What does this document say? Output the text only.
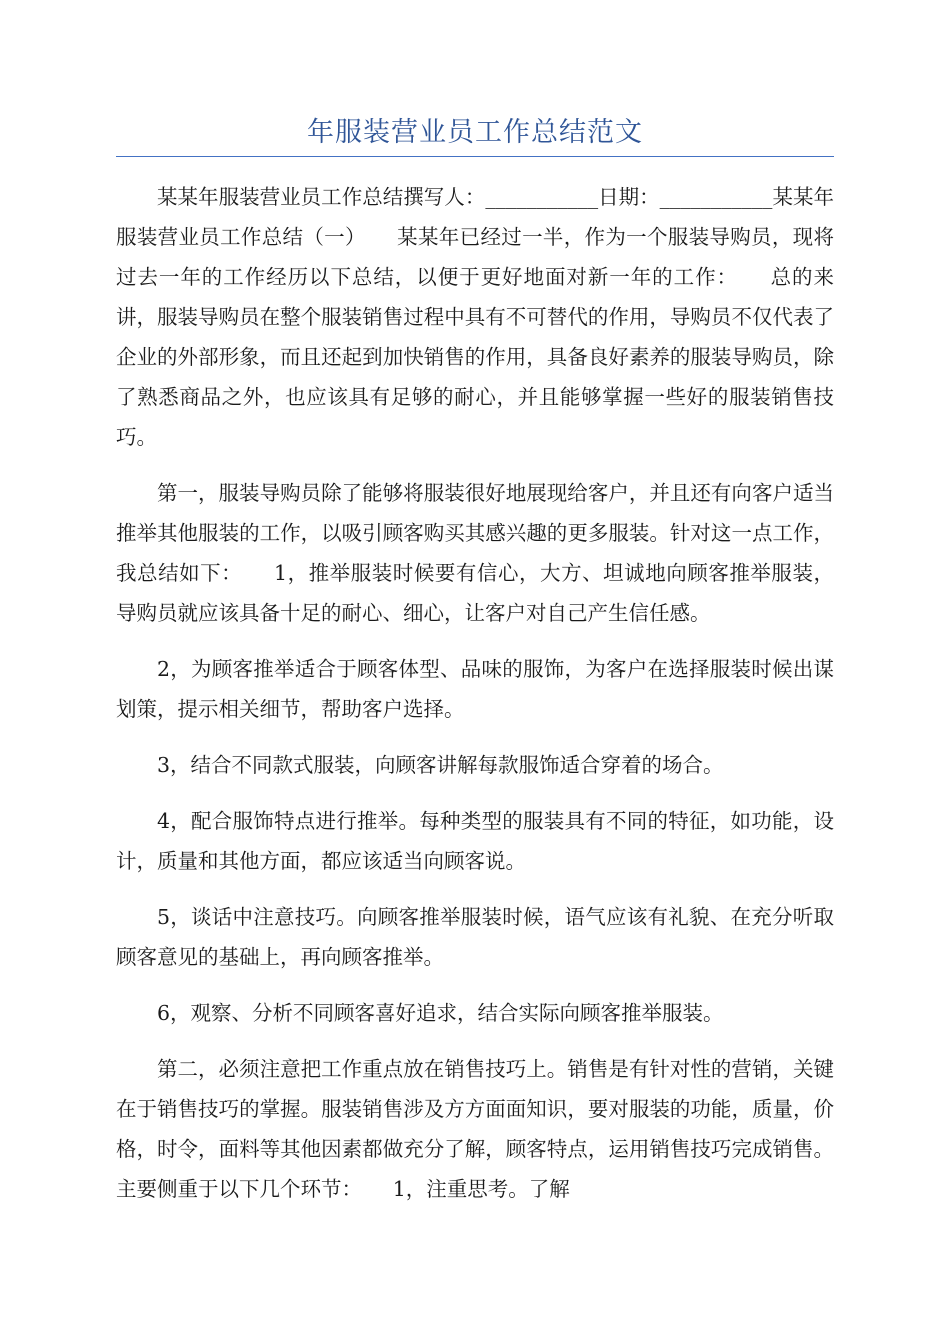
年服装营业员工作总结范文

某某年服装营业员工作总结撰写人：___________日期：___________某某年服装营业员工作总结（一）　　某某年已经过一半，作为一个服装导购员，现将过去一年的工作经历以下总结，以便于更好地面对新一年的工作：　　总的来讲，服装导购员在整个服装销售过程中具有不可替代的作用，导购员不仅代表了企业的外部形象，而且还起到加快销售的作用，具备良好素养的服装导购员，除了熟悉商品之外，也应该具有足够的耐心，并且能够掌握一些好的服装销售技巧。

第一，服装导购员除了能够将服装很好地展现给客户，并且还有向客户适当推举其他服装的工作，以吸引顾客购买其感兴趣的更多服装。针对这一点工作，我总结如下：　　1，推举服装时候要有信心，大方、坦诚地向顾客推举服装，导购员就应该具备十足的耐心、细心，让客户对自己产生信任感。

2，为顾客推举适合于顾客体型、品味的服饰，为客户在选择服装时候出谋划策，提示相关细节，帮助客户选择。

3，结合不同款式服装，向顾客讲解每款服饰适合穿着的场合。

4，配合服饰特点进行推举。每种类型的服装具有不同的特征，如功能，设计，质量和其他方面，都应该适当向顾客说。

5，谈话中注意技巧。向顾客推举服装时候，语气应该有礼貌、在充分听取顾客意见的基础上，再向顾客推举。

6，观察、分析不同顾客喜好追求，结合实际向顾客推举服装。

第二，必须注意把工作重点放在销售技巧上。销售是有针对性的营销，关键在于销售技巧的掌握。服装销售涉及方方面面知识，要对服装的功能，质量，价格，时令，面料等其他因素都做充分了解，顾客特点，运用销售技巧完成销售。主要侧重于以下几个环节：　　1，注重思考。了解
